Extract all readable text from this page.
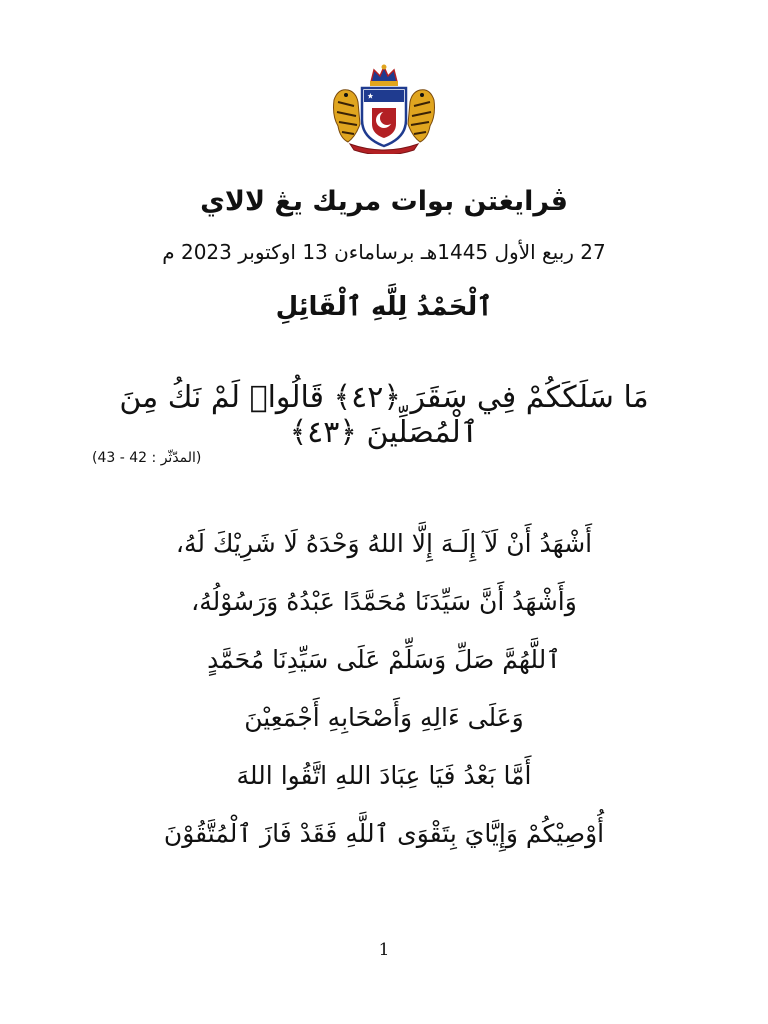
ڤرايغتن بوات مريك يڠ لالاي
27 ربيع الأول 1445هـ برساماءن 13 اوكتوبر 2023 م
ٱلْحَمْدُ لِلَّهِ ٱلْقَائِلِ
مَا سَلَكَكُمْ فِي سَقَرَ ﴿٤٢﴾ قَالُوا۟ لَمْ نَكُ مِنَ ٱلْمُصَلِّينَ ﴿٤٣﴾
(المدّثّر : 42 - 43)
أَشْهَدُ أَنْ لَآ إِلَـهَ إِلَّا اللهُ وَحْدَهُ لَا شَرِيْكَ لَهُ،
وَأَشْهَدُ أَنَّ سَيِّدَنَا مُحَمَّدًا عَبْدُهُ وَرَسُوْلُهُ،
ٱللَّهُمَّ صَلِّ وَسَلِّمْ عَلَى سَيِّدِنَا مُحَمَّدٍ
وَعَلَى ءَالِهِ وَأَصْحَابِهِ أَجْمَعِيْنَ
أَمَّا بَعْدُ فَيَا عِبَادَ اللهِ اتَّقُوا اللهَ
أُوْصِيْكُمْ وَإِيَّايَ بِتَقْوَى ٱللَّهِ فَقَدْ فَازَ ٱلْمُتَّقُوْنَ
1
